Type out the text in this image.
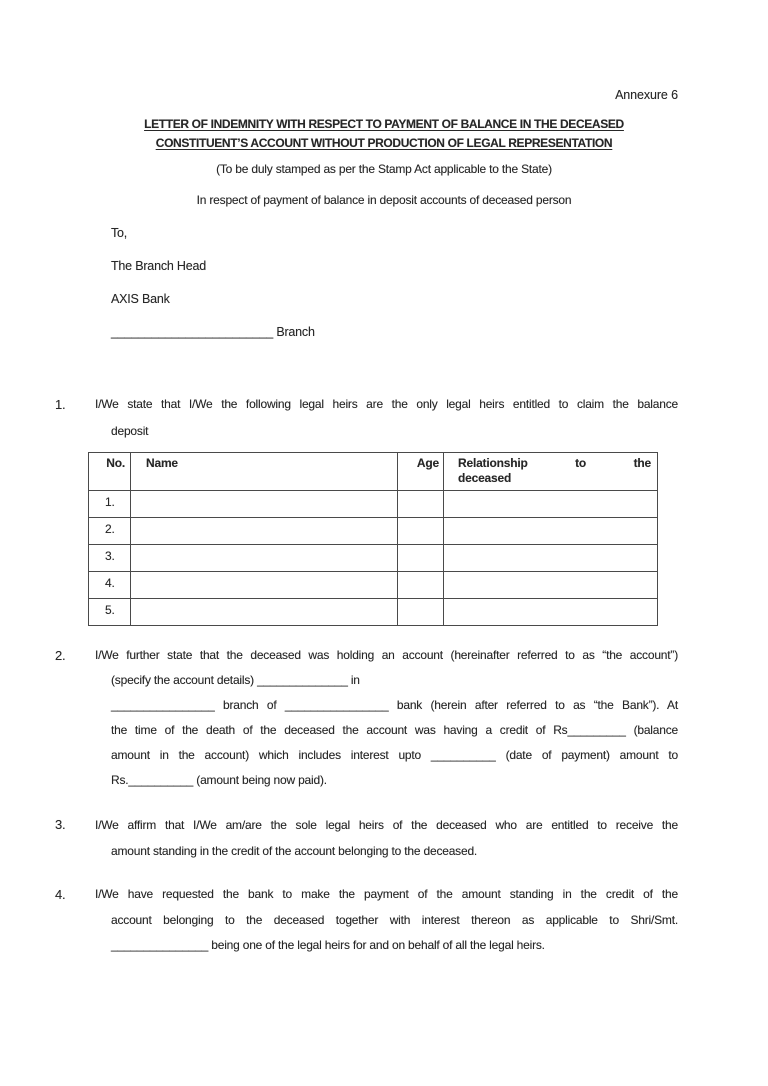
Annexure 6
LETTER OF INDEMNITY WITH RESPECT TO PAYMENT OF BALANCE IN THE DECEASED
CONSTITUENT’S ACCOUNT WITHOUT PRODUCTION OF LEGAL REPRESENTATION
(To be duly stamped as per the Stamp Act applicable to the State)
In respect of payment of balance in deposit accounts of deceased person
To,
The Branch Head
AXIS Bank
________________________ Branch
1.	I/We state that I/We the following legal heirs are the only legal heirs entitled to claim the balance
deposit
No.	Name	Age	Relationship to the
deceased

1.			
2.			
3.			
4.			
5.			
2.	I/We further state that the deceased was holding an account (hereinafter referred to as “the account”)
(specify the account details) ______________ in
________________ branch of ________________ bank (herein after referred to as “the Bank”). At
the time of the death of the deceased the account was having a credit of Rs_________ (balance
amount in the account) which includes interest upto __________ (date of payment) amount to
Rs.__________ (amount being now paid).
3.	I/We affirm that I/We am/are the sole legal heirs of the deceased who are entitled to receive the
amount standing in the credit of the account belonging to the deceased.
4.	I/We have requested the bank to make the payment of the amount standing in the credit of the
account belonging to the deceased together with interest thereon as applicable to Shri/Smt.
_______________ being one of the legal heirs for and on behalf of all the legal heirs.
